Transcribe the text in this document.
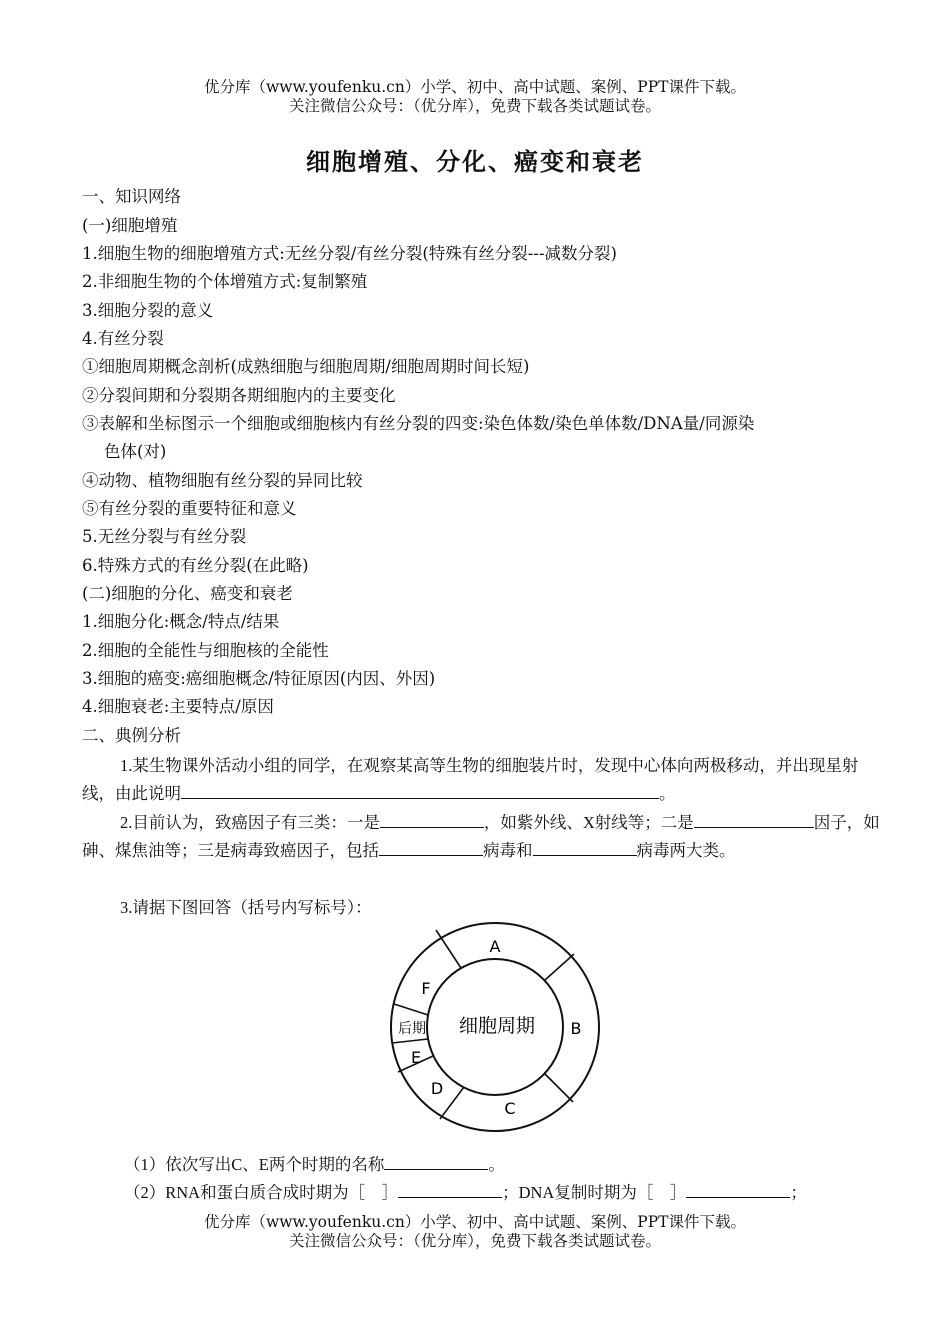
优分库（www.youfenku.cn）小学、初中、高中试题、案例、PPT课件下载。
关注微信公众号：（优分库），免费下载各类试题试卷。
细胞增殖、分化、癌变和衰老
一、知识网络
(一)细胞增殖
1.细胞生物的细胞增殖方式:无丝分裂/有丝分裂(特殊有丝分裂---减数分裂)
2.非细胞生物的个体增殖方式:复制繁殖
3.细胞分裂的意义
4.有丝分裂
①细胞周期概念剖析(成熟细胞与细胞周期/细胞周期时间长短)
②分裂间期和分裂期各期细胞内的主要变化
③表解和坐标图示一个细胞或细胞核内有丝分裂的四变:染色体数/染色单体数/DNA量/同源染
色体(对)
④动物、植物细胞有丝分裂的异同比较
⑤有丝分裂的重要特征和意义
5.无丝分裂与有丝分裂
6.特殊方式的有丝分裂(在此略)
(二)细胞的分化、癌变和衰老
1.细胞分化:概念/特点/结果
2.细胞的全能性与细胞核的全能性
3.细胞的癌变:癌细胞概念/特征原因(内因、外因)
4.细胞衰老:主要特点/原因
二、典例分析
1.某生物课外活动小组的同学，在观察某高等生物的细胞装片时，发现中心体向两极移动，并出现星射线，由此说明	。
2.目前认为，致癌因子有三类：一是	，如紫外线、X射线等；二是	因子，如砷、煤焦油等；三是病毒致癌因子，包括	病毒和	病毒两大类。
3.请据下图回答（括号内写标号）：
A
B
C
D
E
后期
F
细胞周期
（1）依次写出C、E两个时期的名称	。
（2）RNA和蛋白质合成时期为［　］	；DNA复制时期为［　］	；
优分库（www.youfenku.cn）小学、初中、高中试题、案例、PPT课件下载。
关注微信公众号：（优分库），免费下载各类试题试卷。
